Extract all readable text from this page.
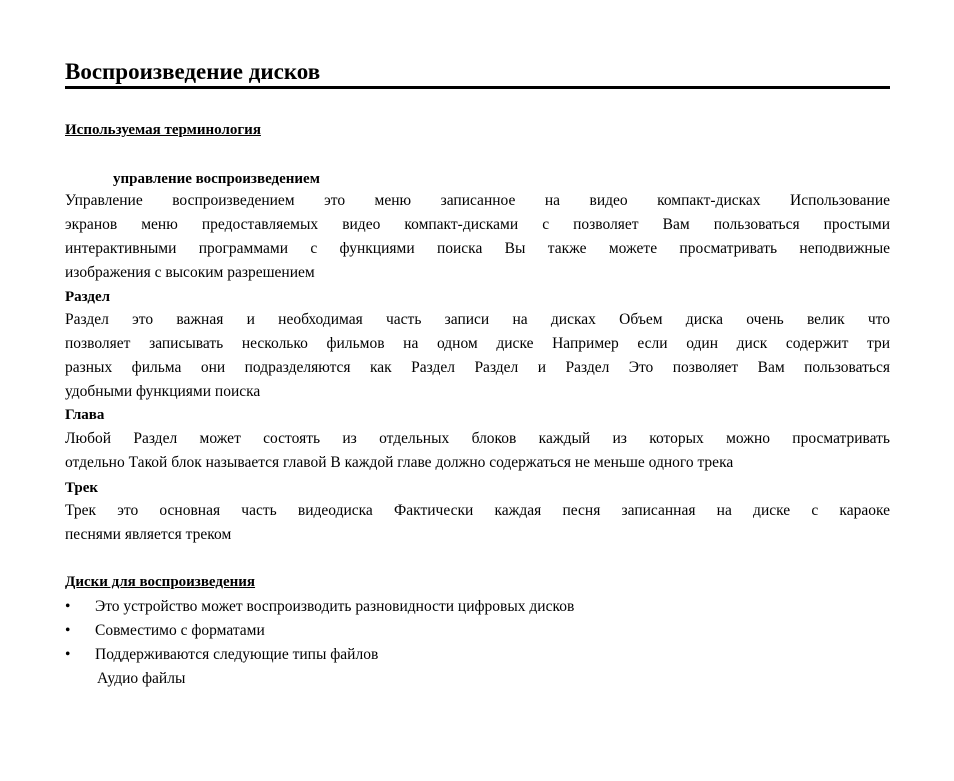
Воспроизведение дисков
Используемая терминология
управление воспроизведением
Управление воспроизведением это меню записанное на видео компакт-дисках Использование
экранов меню предоставляемых видео компакт-дисками с позволяет Вам пользоваться простыми
интерактивными программами с функциями поиска Вы также можете просматривать неподвижные
изображения с высоким разрешением
Раздел
Раздел это важная и необходимая часть записи на дисках Объем диска очень велик что
позволяет записывать несколько фильмов на одном диске Например если один диск содержит три
разных фильма они подразделяются как Раздел Раздел и Раздел Это позволяет Вам пользоваться
удобными функциями поиска
Глава
Любой Раздел может состоять из отдельных блоков каждый из которых можно просматривать
отдельно Такой блок называется главой В каждой главе должно содержаться не меньше одного трека
Трек
Трек это основная часть видеодиска Фактически каждая песня записанная на диске с караоке
песнями является треком
Диски для воспроизведения
•	Это устройство может воспроизводить разновидности цифровых дисков
•	Совместимо с форматами
•	Поддерживаются следующие типы файлов
Аудио файлы
